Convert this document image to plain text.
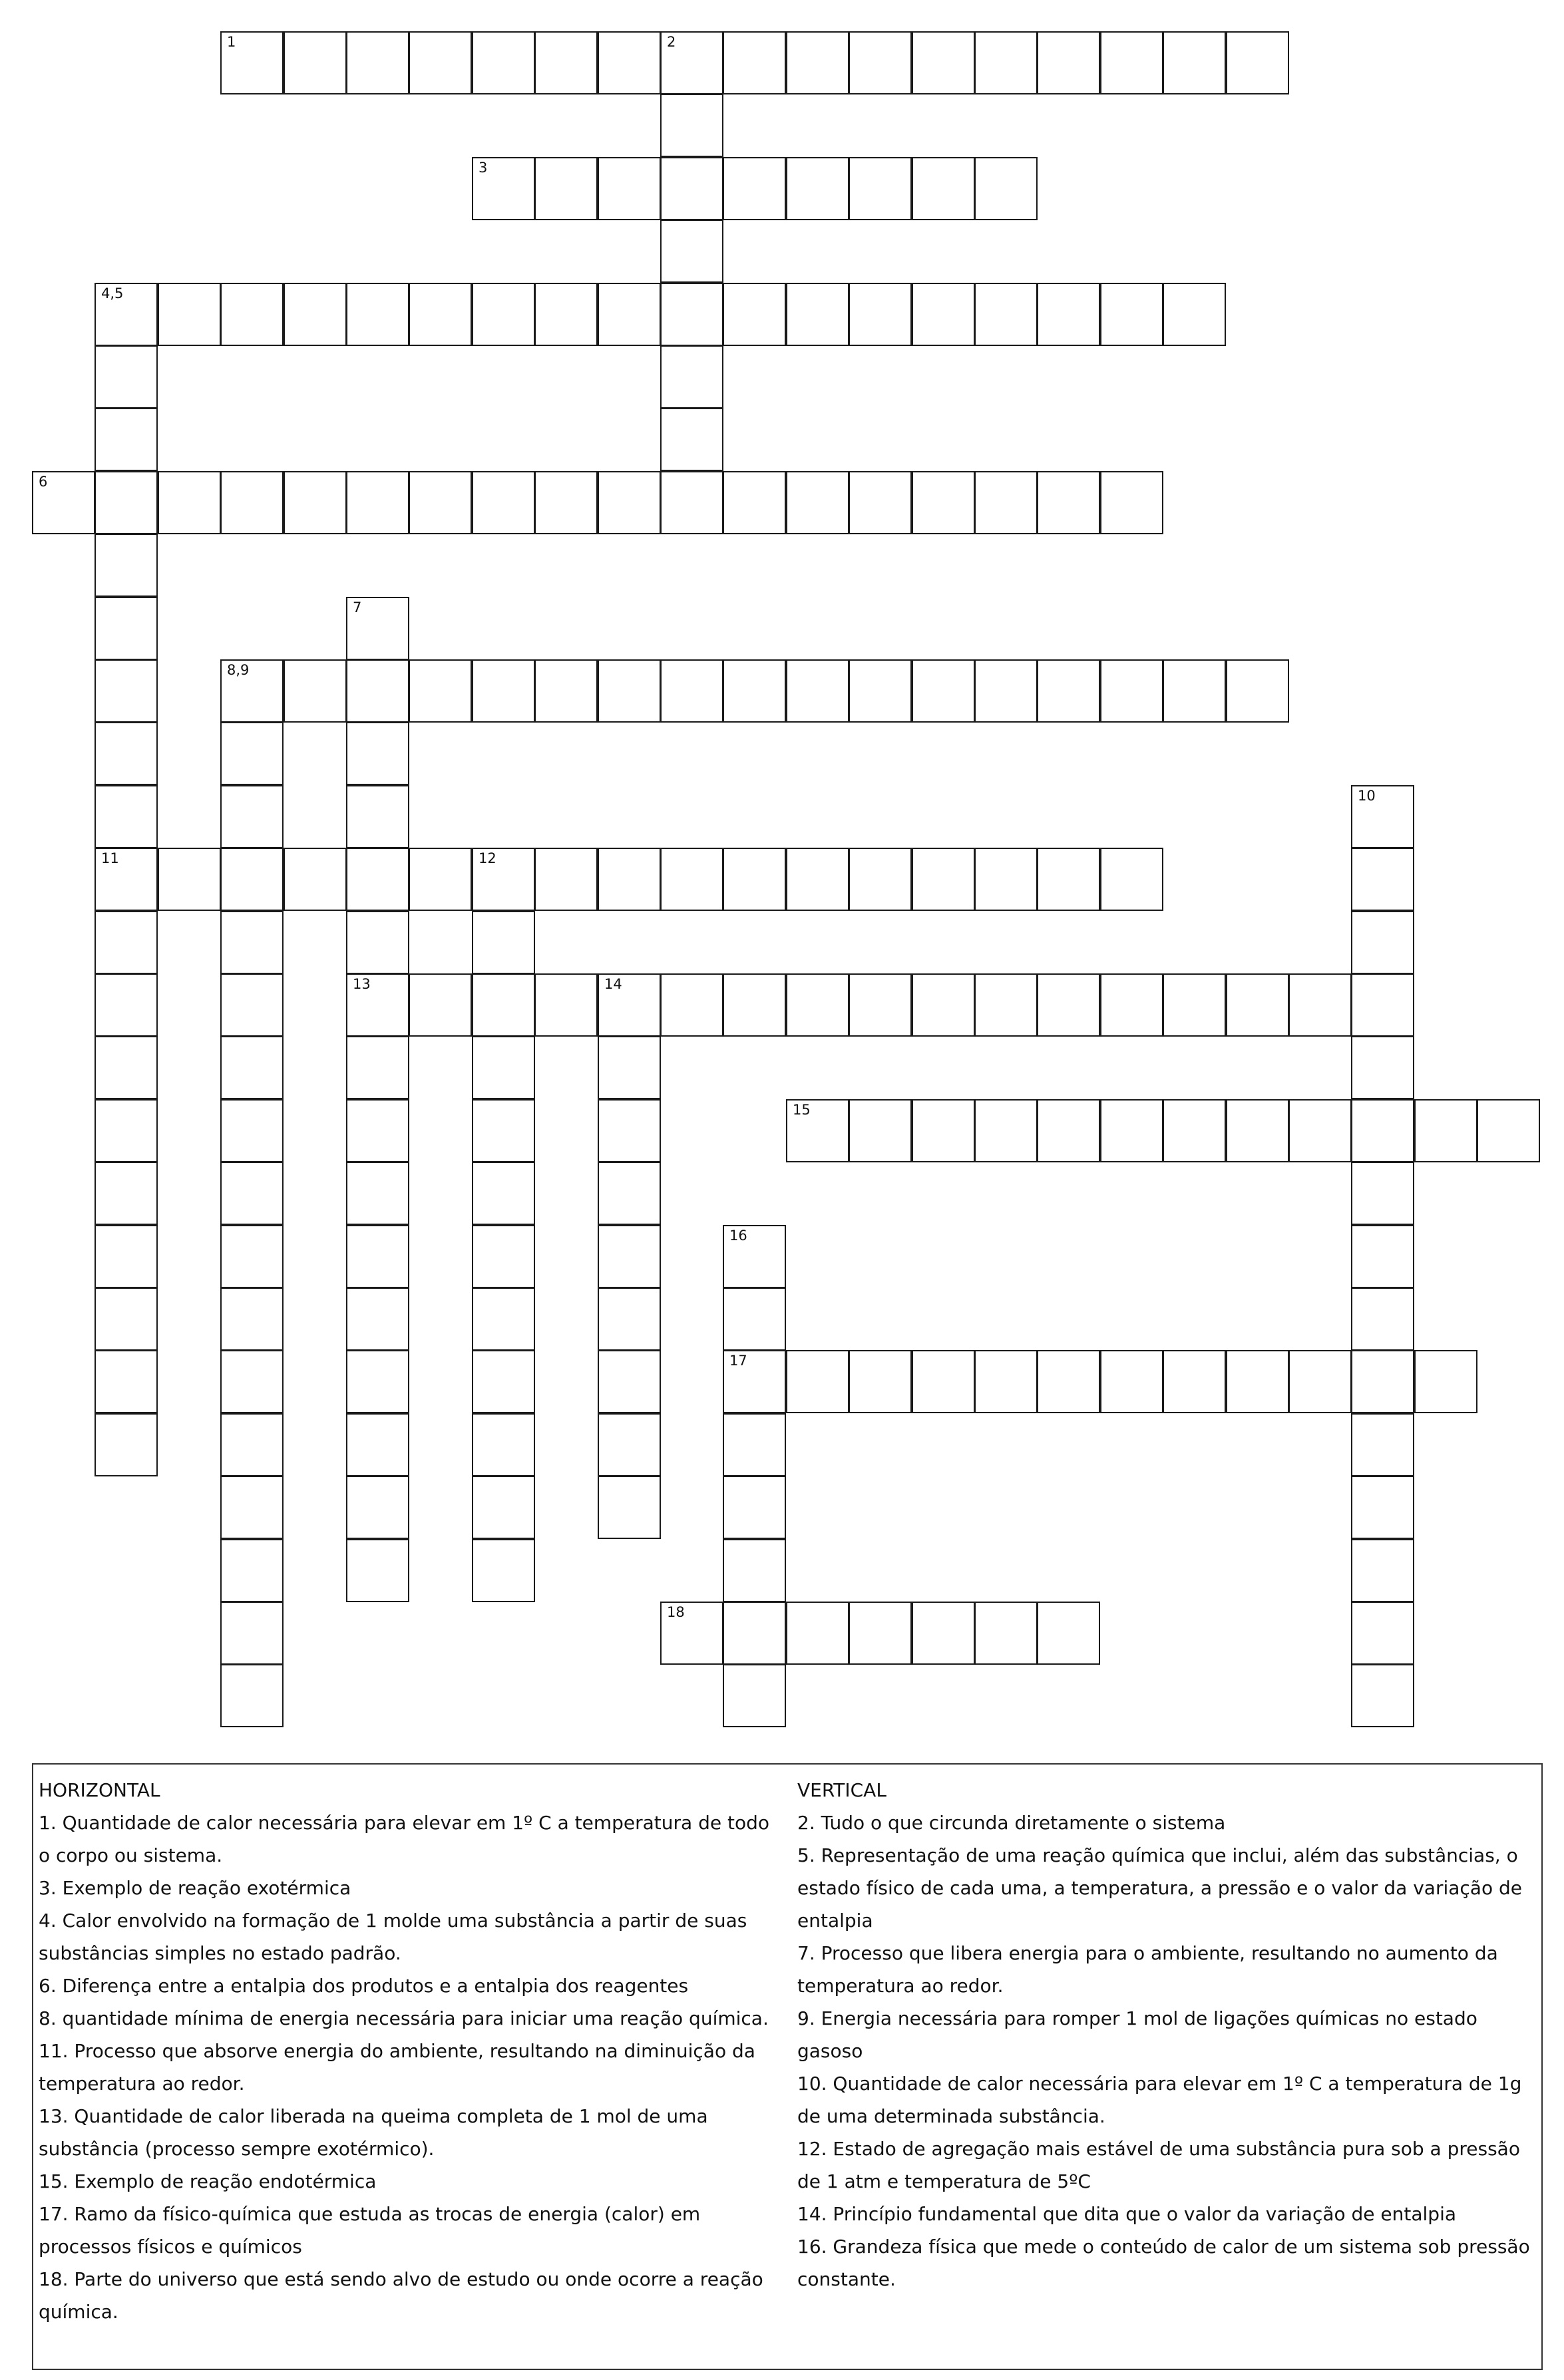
1	2
3
4,5
6
8,9
11	12
13	14
15
17
18
7
10
16
HORIZONTAL
1. Quantidade de calor necessária para elevar em 1º C a temperatura de todo o corpo ou sistema.
3. Exemplo de reação exotérmica
4. Calor envolvido na formação de 1 molde uma substância a partir de suas substâncias simples no estado padrão.
6. Diferença entre a entalpia dos produtos e a entalpia dos reagentes
8. quantidade mínima de energia necessária para iniciar uma reação química.
11. Processo que absorve energia do ambiente, resultando na diminuição da temperatura ao redor.
13. Quantidade de calor liberada na queima completa de 1 mol de uma substância (processo sempre exotérmico).
15. Exemplo de reação endotérmica
17. Ramo da físico-química que estuda as trocas de energia (calor) em processos físicos e químicos
18. Parte do universo que está sendo alvo de estudo ou onde ocorre a reação química.
VERTICAL
2. Tudo o que circunda diretamente o sistema
5. Representação de uma reação química que inclui, além das substâncias, o estado físico de cada uma, a temperatura, a pressão e o valor da variação de entalpia
7. Processo que libera energia para o ambiente, resultando no aumento da temperatura ao redor.
9. Energia necessária para romper 1 mol de ligações químicas no estado gasoso
10. Quantidade de calor necessária para elevar em 1º C a temperatura de 1g de uma determinada substância.
12. Estado de agregação mais estável de uma substância pura sob a pressão de 1 atm e temperatura de 5ºC
14. Princípio fundamental que dita que o valor da variação de entalpia
16. Grandeza física que mede o conteúdo de calor de um sistema sob pressão constante.
